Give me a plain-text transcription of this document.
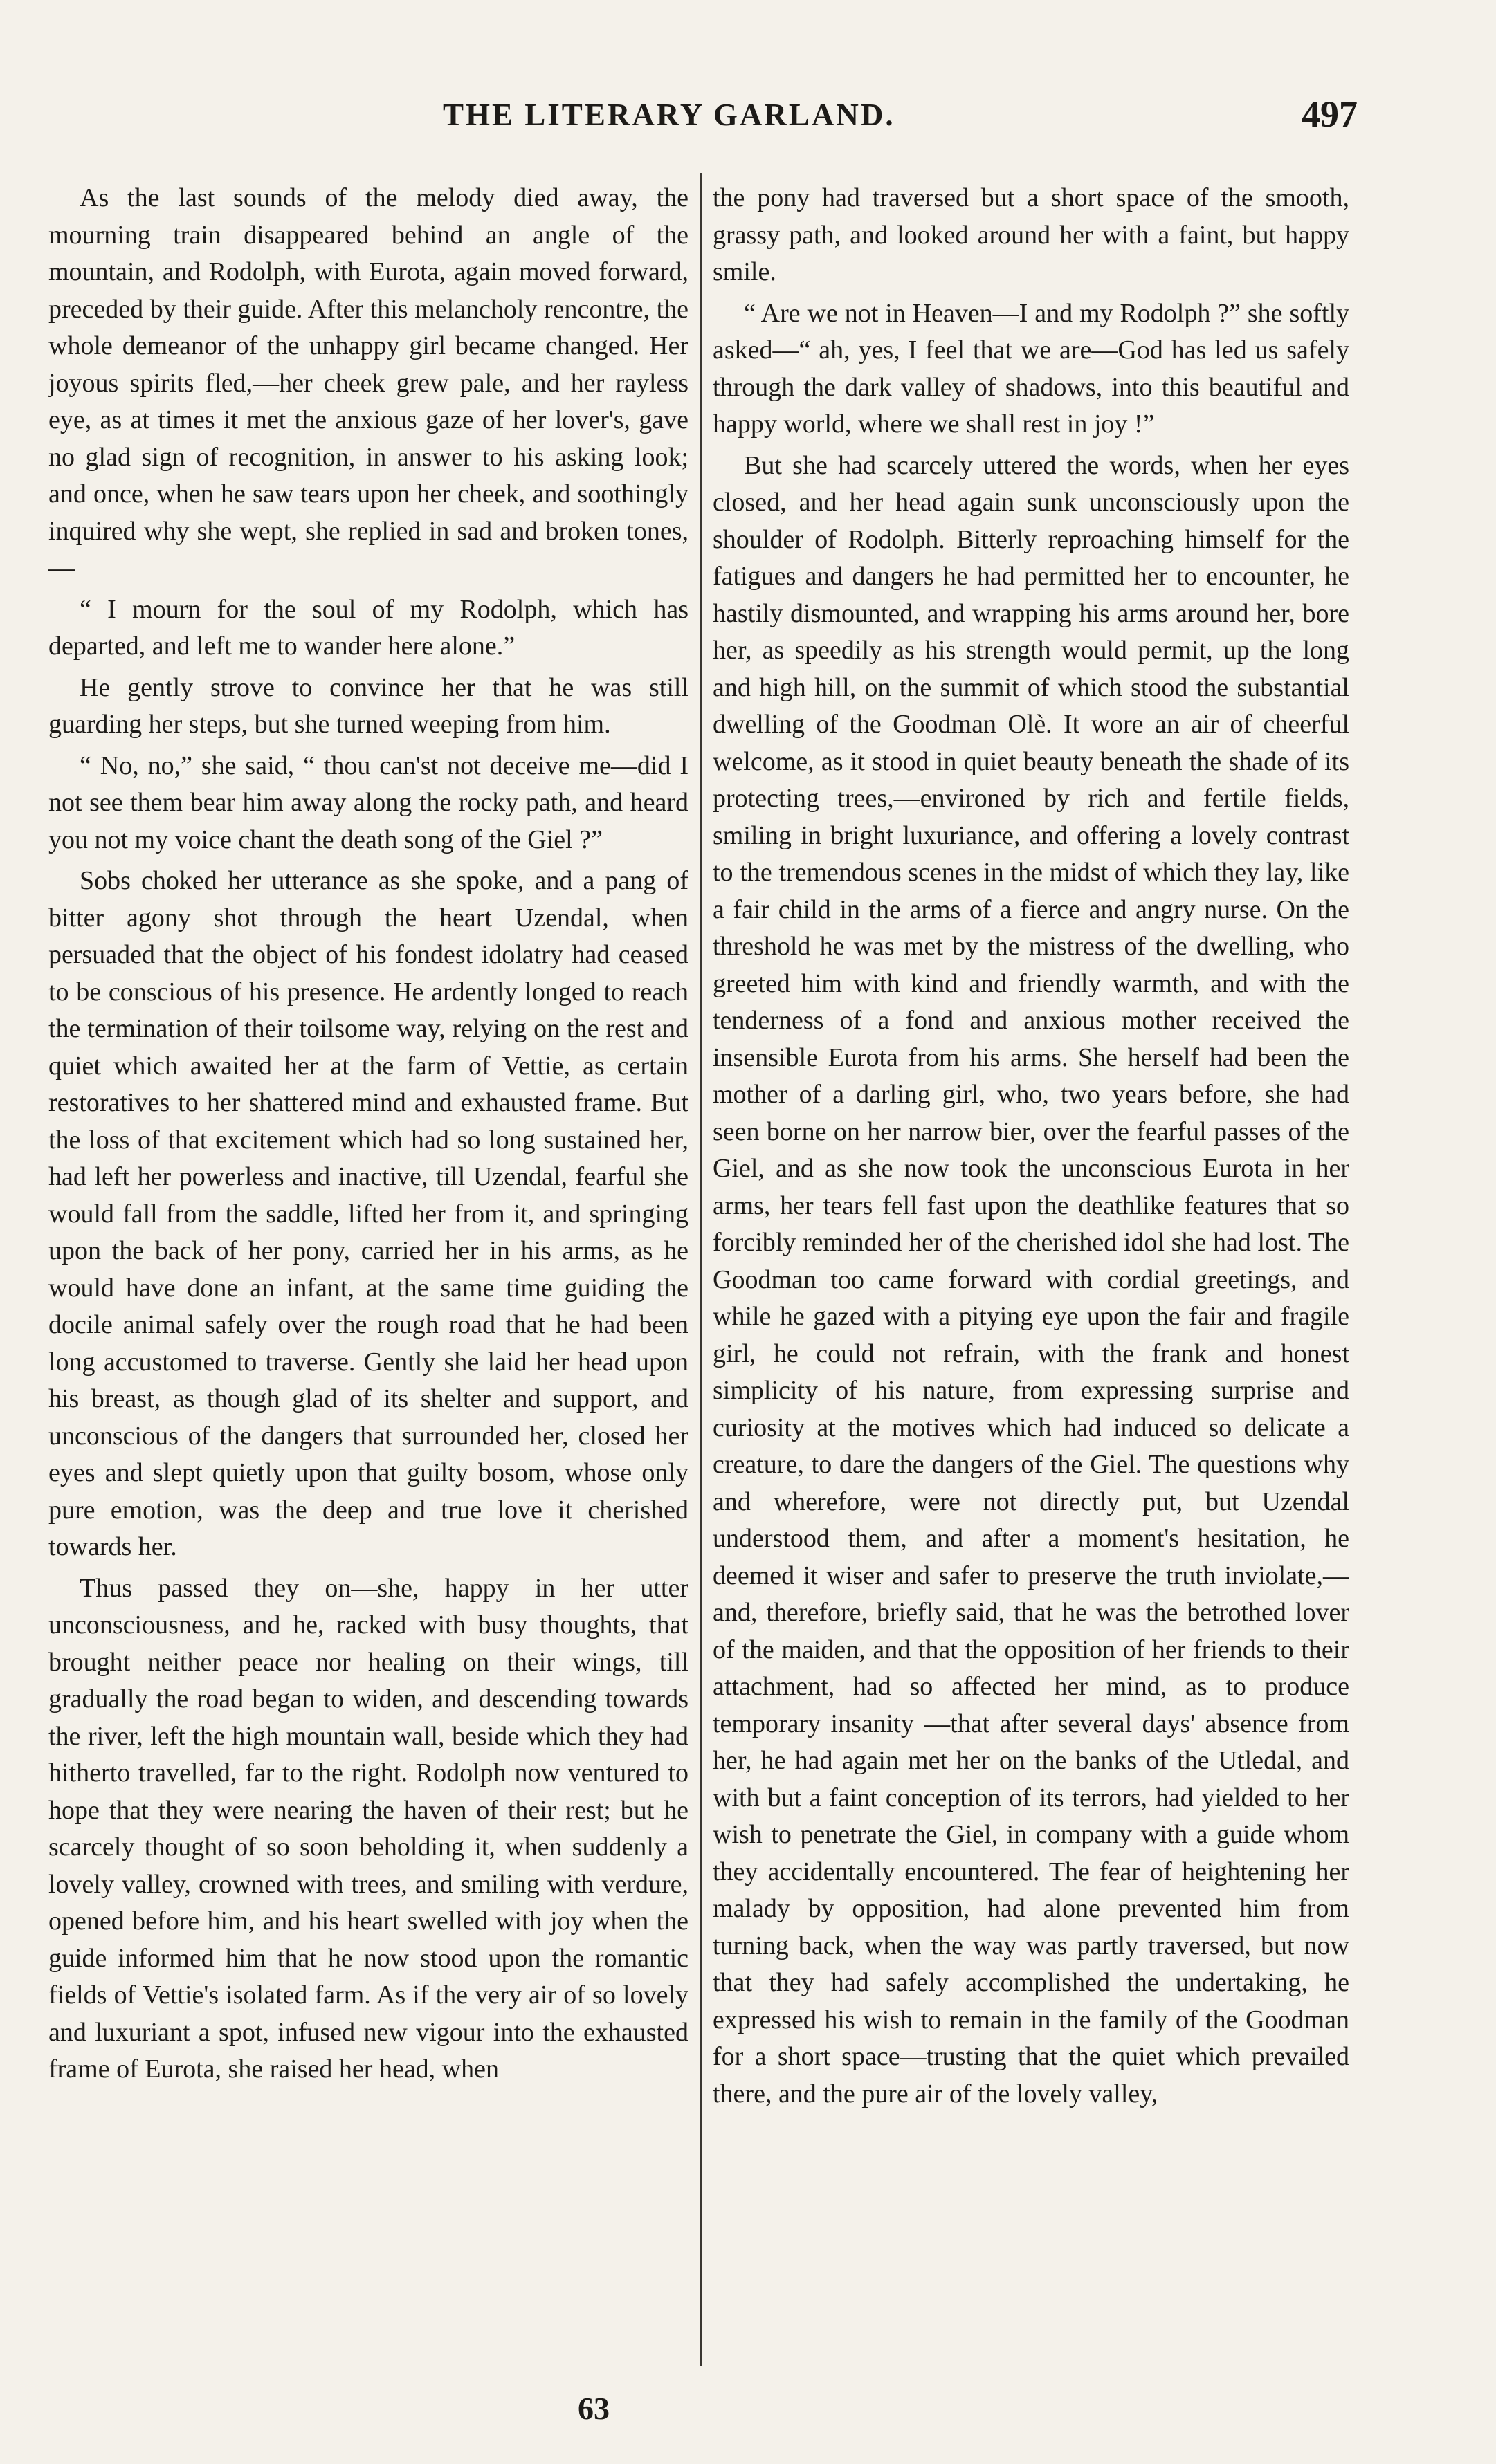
THE LITERARY GARLAND.	497

As the last sounds of the melody died away, the mourning train disappeared behind an angle of the mountain, and Rodolph, with Eurota, again moved forward, preceded by their guide. After this melancholy rencontre, the whole demeanor of the unhappy girl became changed. Her joyous spirits fled,—her cheek grew pale, and her rayless eye, as at times it met the anxious gaze of her lover's, gave no glad sign of recognition, in answer to his asking look; and once, when he saw tears upon her cheek, and soothingly inquired why she wept, she replied in sad and broken tones,—

“ I mourn for the soul of my Rodolph, which has departed, and left me to wander here alone.”

He gently strove to convince her that he was still guarding her steps, but she turned weeping from him.

“ No, no,” she said, “ thou can'st not deceive me—did I not see them bear him away along the rocky path, and heard you not my voice chant the death song of the Giel ?”

Sobs choked her utterance as she spoke, and a pang of bitter agony shot through the heart Uzendal, when persuaded that the object of his fondest idolatry had ceased to be conscious of his presence. He ardently longed to reach the termination of their toilsome way, relying on the rest and quiet which awaited her at the farm of Vettie, as certain restoratives to her shattered mind and exhausted frame. But the loss of that excitement which had so long sustained her, had left her powerless and inactive, till Uzendal, fearful she would fall from the saddle, lifted her from it, and springing upon the back of her pony, carried her in his arms, as he would have done an infant, at the same time guiding the docile animal safely over the rough road that he had been long accustomed to traverse. Gently she laid her head upon his breast, as though glad of its shelter and support, and unconscious of the dangers that surrounded her, closed her eyes and slept quietly upon that guilty bosom, whose only pure emotion, was the deep and true love it cherished towards her.

Thus passed they on—she, happy in her utter unconsciousness, and he, racked with busy thoughts, that brought neither peace nor healing on their wings, till gradually the road began to widen, and descending towards the river, left the high mountain wall, beside which they had hitherto travelled, far to the right. Rodolph now ventured to hope that they were nearing the haven of their rest; but he scarcely thought of so soon beholding it, when suddenly a lovely valley, crowned with trees, and smiling with verdure, opened before him, and his heart swelled with joy when the guide informed him that he now stood upon the romantic fields of Vettie's isolated farm. As if the very air of so lovely and luxuriant a spot, infused new vigour into the exhausted frame of Eurota, she raised her head, when

the pony had traversed but a short space of the smooth, grassy path, and looked around her with a faint, but happy smile.

“ Are we not in Heaven—I and my Rodolph ?” she softly asked—“ ah, yes, I feel that we are—God has led us safely through the dark valley of shadows, into this beautiful and happy world, where we shall rest in joy !”

But she had scarcely uttered the words, when her eyes closed, and her head again sunk unconsciously upon the shoulder of Rodolph. Bitterly reproaching himself for the fatigues and dangers he had permitted her to encounter, he hastily dismounted, and wrapping his arms around her, bore her, as speedily as his strength would permit, up the long and high hill, on the summit of which stood the substantial dwelling of the Goodman Olè. It wore an air of cheerful welcome, as it stood in quiet beauty beneath the shade of its protecting trees,—environed by rich and fertile fields, smiling in bright luxuriance, and offering a lovely contrast to the tremendous scenes in the midst of which they lay, like a fair child in the arms of a fierce and angry nurse. On the threshold he was met by the mistress of the dwelling, who greeted him with kind and friendly warmth, and with the tenderness of a fond and anxious mother received the insensible Eurota from his arms. She herself had been the mother of a darling girl, who, two years before, she had seen borne on her narrow bier, over the fearful passes of the Giel, and as she now took the unconscious Eurota in her arms, her tears fell fast upon the deathlike features that so forcibly reminded her of the cherished idol she had lost. The Goodman too came forward with cordial greetings, and while he gazed with a pitying eye upon the fair and fragile girl, he could not refrain, with the frank and honest simplicity of his nature, from expressing surprise and curiosity at the motives which had induced so delicate a creature, to dare the dangers of the Giel. The questions why and wherefore, were not directly put, but Uzendal understood them, and after a moment's hesitation, he deemed it wiser and safer to preserve the truth inviolate,—and, therefore, briefly said, that he was the betrothed lover of the maiden, and that the opposition of her friends to their attachment, had so affected her mind, as to produce temporary insanity —that after several days' absence from her, he had again met her on the banks of the Utledal, and with but a faint conception of its terrors, had yielded to her wish to penetrate the Giel, in company with a guide whom they accidentally encountered. The fear of heightening her malady by opposition, had alone prevented him from turning back, when the way was partly traversed, but now that they had safely accomplished the undertaking, he expressed his wish to remain in the family of the Goodman for a short space—trusting that the quiet which prevailed there, and the pure air of the lovely valley,

63
